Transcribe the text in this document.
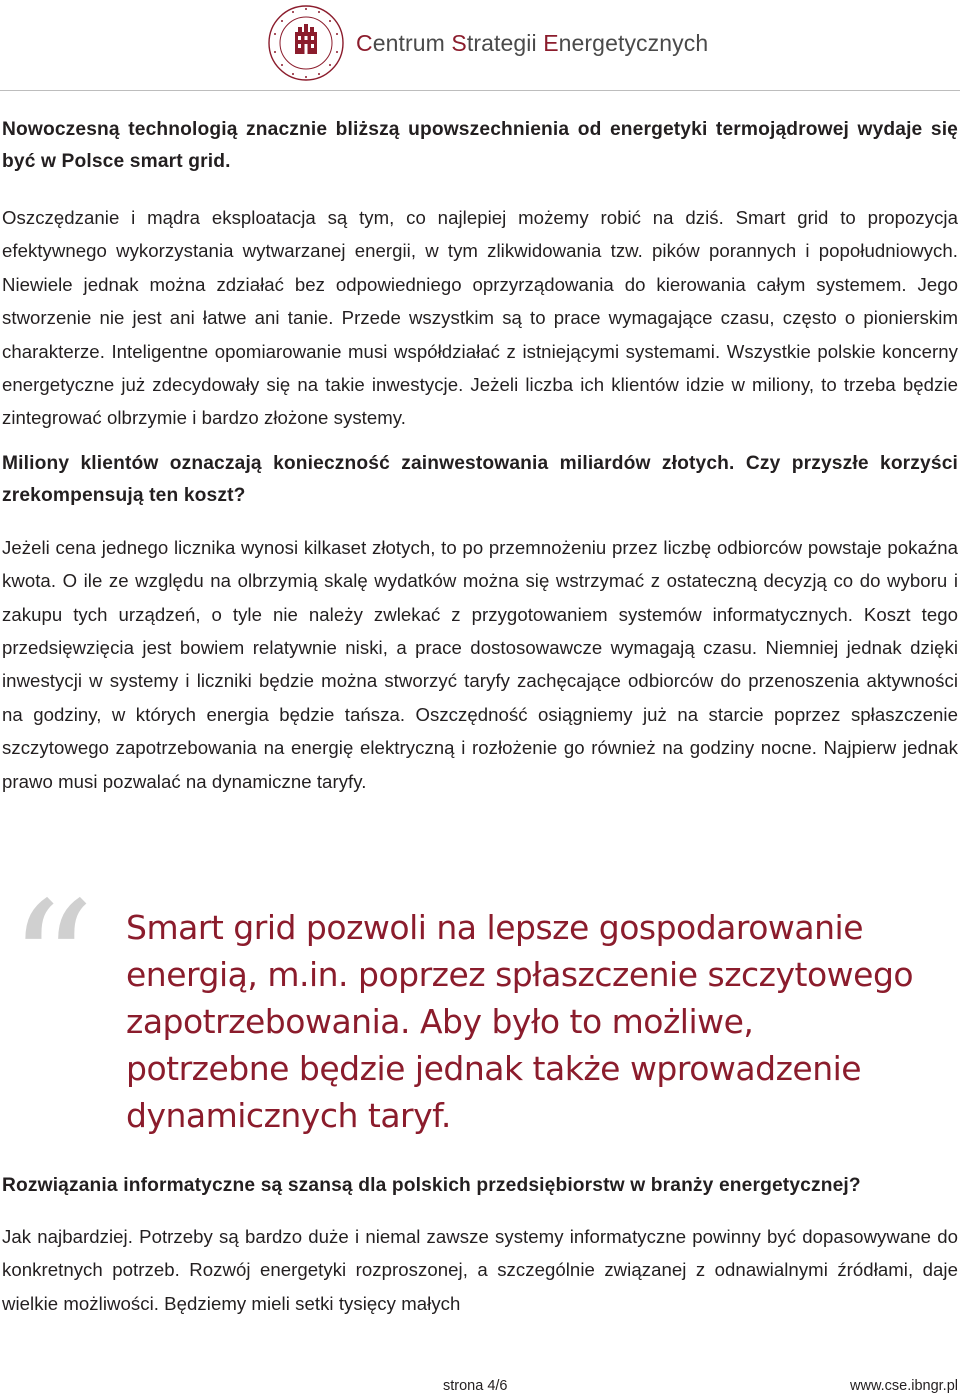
Centrum Strategii Energetycznych

Nowoczesną technologią znacznie bliższą upowszechnienia od energetyki termojądrowej wydaje się być w Polsce smart grid.

Oszczędzanie i mądra eksploatacja są tym, co najlepiej możemy robić na dziś. Smart grid to propozycja efektywnego wykorzystania wytwarzanej energii, w tym zlikwidowania tzw. pików porannych i popołudniowych. Niewiele jednak można zdziałać bez odpowiedniego oprzyrządowania do kierowania całym systemem. Jego stworzenie nie jest ani łatwe ani tanie. Przede wszystkim są to prace wymagające czasu, często o pionierskim charakterze. Inteligentne opomiarowanie musi współdziałać z istniejącymi systemami. Wszystkie polskie koncerny energetyczne już zdecydowały się na takie inwestycje. Jeżeli liczba ich klientów idzie w miliony, to trzeba będzie zintegrować olbrzymie i bardzo złożone systemy.

Miliony klientów oznaczają konieczność zainwestowania miliardów złotych. Czy przyszłe korzyści zrekompensują ten koszt?

Jeżeli cena jednego licznika wynosi kilkaset złotych, to po przemnożeniu przez liczbę odbiorców powstaje pokaźna kwota. O ile ze względu na olbrzymią skalę wydatków można się wstrzymać z ostateczną decyzją co do wyboru i zakupu tych urządzeń, o tyle nie należy zwlekać z przygotowaniem systemów informatycznych. Koszt tego przedsięwzięcia jest bowiem relatywnie niski, a prace dostosowawcze wymagają czasu. Niemniej jednak dzięki inwestycji w systemy i liczniki będzie można stworzyć taryfy zachęcające odbiorców do przenoszenia aktywności na godziny, w których energia będzie tańsza. Oszczędność osiągniemy już na starcie poprzez spłaszczenie szczytowego zapotrzebowania na energię elektryczną i rozłożenie go również na godziny nocne. Najpierw jednak prawo musi pozwalać na dynamiczne taryfy.

“ Smart grid pozwoli na lepsze gospodarowanie energią, m.in. poprzez spłaszczenie szczytowego zapotrzebowania. Aby było to możliwe, potrzebne będzie jednak także wprowadzenie dynamicznych taryf.

Rozwiązania informatyczne są szansą dla polskich przedsiębiorstw w branży energetycznej?

Jak najbardziej. Potrzeby są bardzo duże i niemal zawsze systemy informatyczne powinny być dopasowywane do konkretnych potrzeb. Rozwój energetyki rozproszonej, a szczególnie związanej z odnawialnymi źródłami, daje wielkie możliwości. Będziemy mieli setki tysięcy małych

strona 4/6	www.cse.ibngr.pl
